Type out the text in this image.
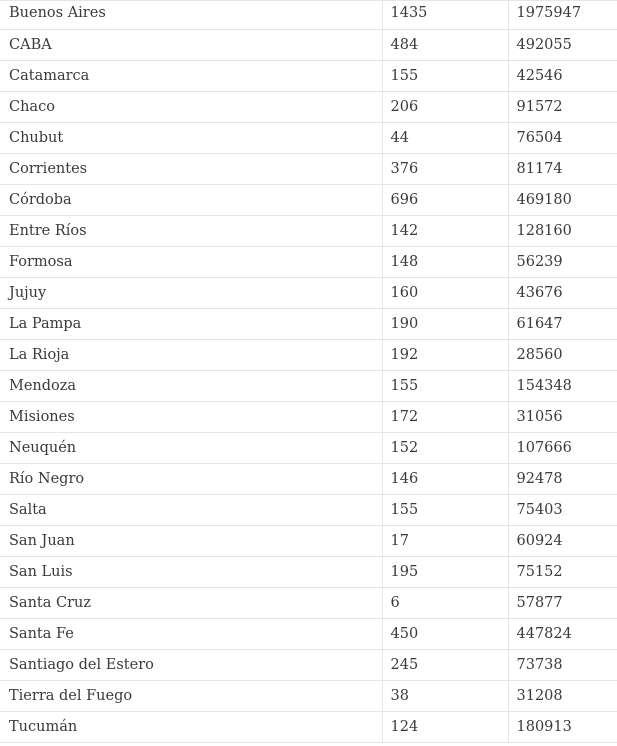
Buenos Aires	1435	1975947
CABA	484	492055
Catamarca	155	42546
Chaco	206	91572
Chubut	44	76504
Corrientes	376	81174
Córdoba	696	469180
Entre Ríos	142	128160
Formosa	148	56239
Jujuy	160	43676
La Pampa	190	61647
La Rioja	192	28560
Mendoza	155	154348
Misiones	172	31056
Neuquén	152	107666
Río Negro	146	92478
Salta	155	75403
San Juan	17	60924
San Luis	195	75152
Santa Cruz	6	57877
Santa Fe	450	447824
Santiago del Estero	245	73738
Tierra del Fuego	38	31208
Tucumán	124	180913
